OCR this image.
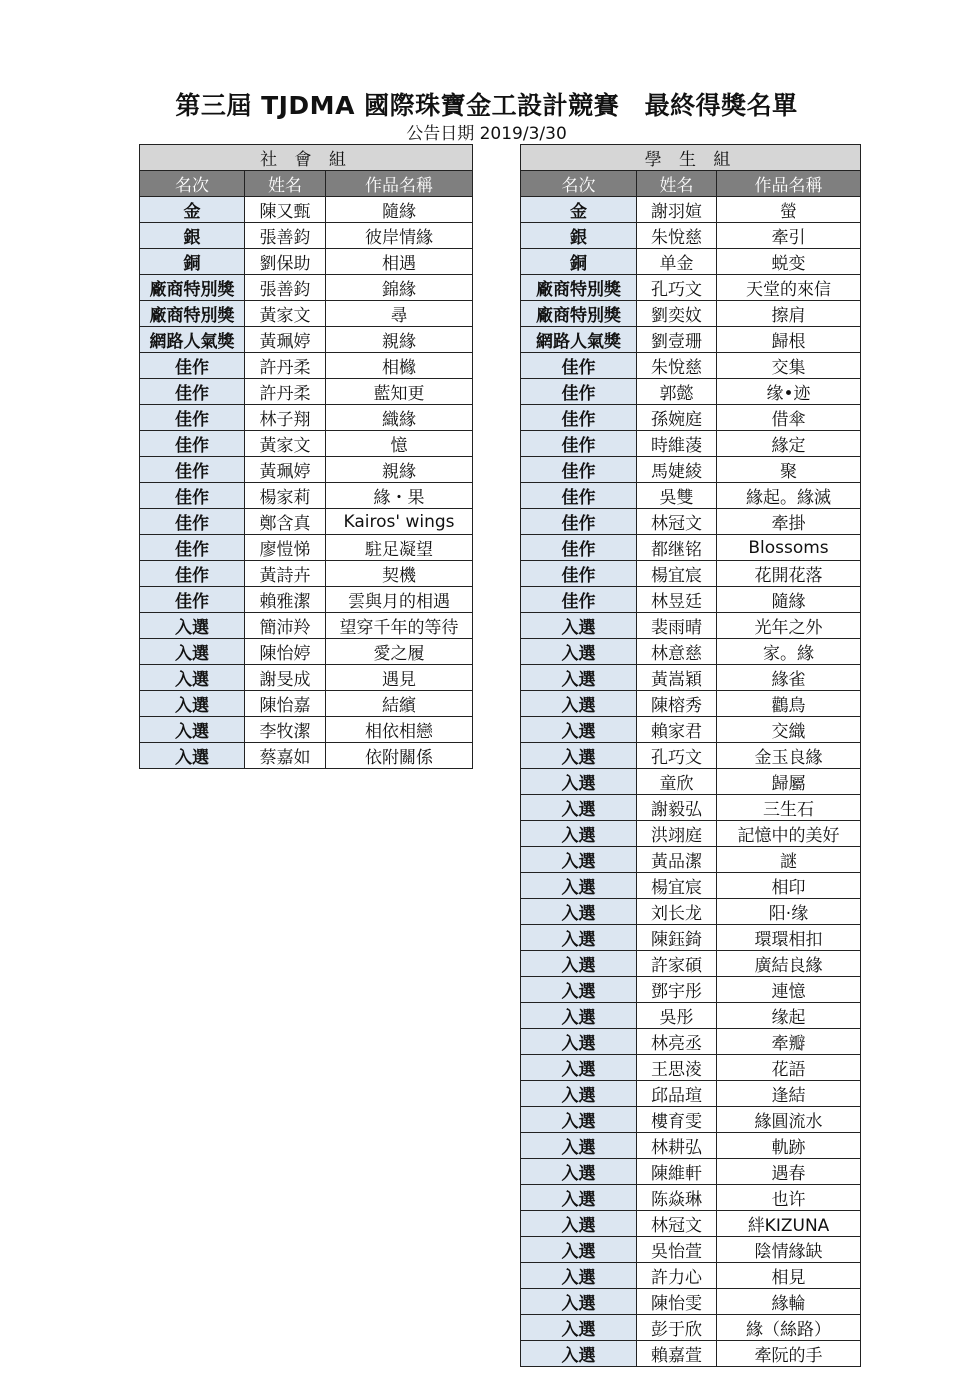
第三屆 TJDMA 國際珠寶金工設計競賽　最終得獎名單
公告日期 2019/3/30
社 會 組		
名次	姓名	作品名稱
金	陳又甄	隨緣
銀	張善鈞	彼岸情緣
銅	劉保助	相遇
廠商特別獎	張善鈞	錦緣
廠商特別獎	黃家文	尋
網路人氣獎	黃珮婷	親緣
佳作	許丹柔	相櫞
佳作	許丹柔	藍知更
佳作	林子翔	織緣
佳作	黃家文	憶
佳作	黃珮婷	親緣
佳作	楊家莉	緣・果
佳作	鄭含真	Kairos' wings
佳作	廖愷悌	駐足凝望
佳作	黃詩卉	契機
佳作	賴雅潔	雲與月的相遇
入選	簡沛羚	望穿千年的等待
入選	陳怡婷	愛之履
入選	謝旻成	遇見
入選	陳怡嘉	結繽
入選	李牧潔	相依相戀
入選	蔡嘉如	依附關係
學 生 組		
名次	姓名	作品名稱
金	謝羽媗	螢
銀	朱悅慈	牽引
銅	单金	蜕变
廠商特別獎	孔巧文	天堂的來信
廠商特別獎	劉奕妏	擦肩
網路人氣獎	劉壹珊	歸根
佳作	朱悅慈	交集
佳作	郭懿	缘•迹
佳作	孫婉庭	借傘
佳作	時維蓤	緣定
佳作	馬婕綾	聚
佳作	吳雙	緣起。緣滅
佳作	林冠文	牽掛
佳作	都继铭	Blossoms
佳作	楊宜宸	花開花落
佳作	林昱廷	隨緣
入選	裴雨晴	光年之外
入選	林意慈	家。緣
入選	黃嵩穎	緣雀
入選	陳榕秀	鸛鳥
入選	賴家君	交織
入選	孔巧文	金玉良緣
入選	童欣	歸屬
入選	謝毅弘	三生石
入選	洪翊庭	記憶中的美好
入選	黃品潔	謎
入選	楊宜宸	相印
入選	刘长龙	阳·缘
入選	陳鈺錡	環環相扣
入選	許家碩	廣結良緣
入選	鄧宇彤	連憶
入選	吳彤	缘起
入選	林亮丞	牽瓣
入選	王思淩	花語
入選	邱品瑄	逢結
入選	樓育雯	緣圓流水
入選	林耕弘	軌跡
入選	陳維軒	遇春
入選	陈焱琳	也许
入選	林冠文	絆KIZUNA
入選	吳怡萱	陰情緣缺
入選	許力心	相見
入選	陳怡雯	緣輪
入選	彭于欣	緣（絲路）
入選	賴嘉萱	牽阮的手
